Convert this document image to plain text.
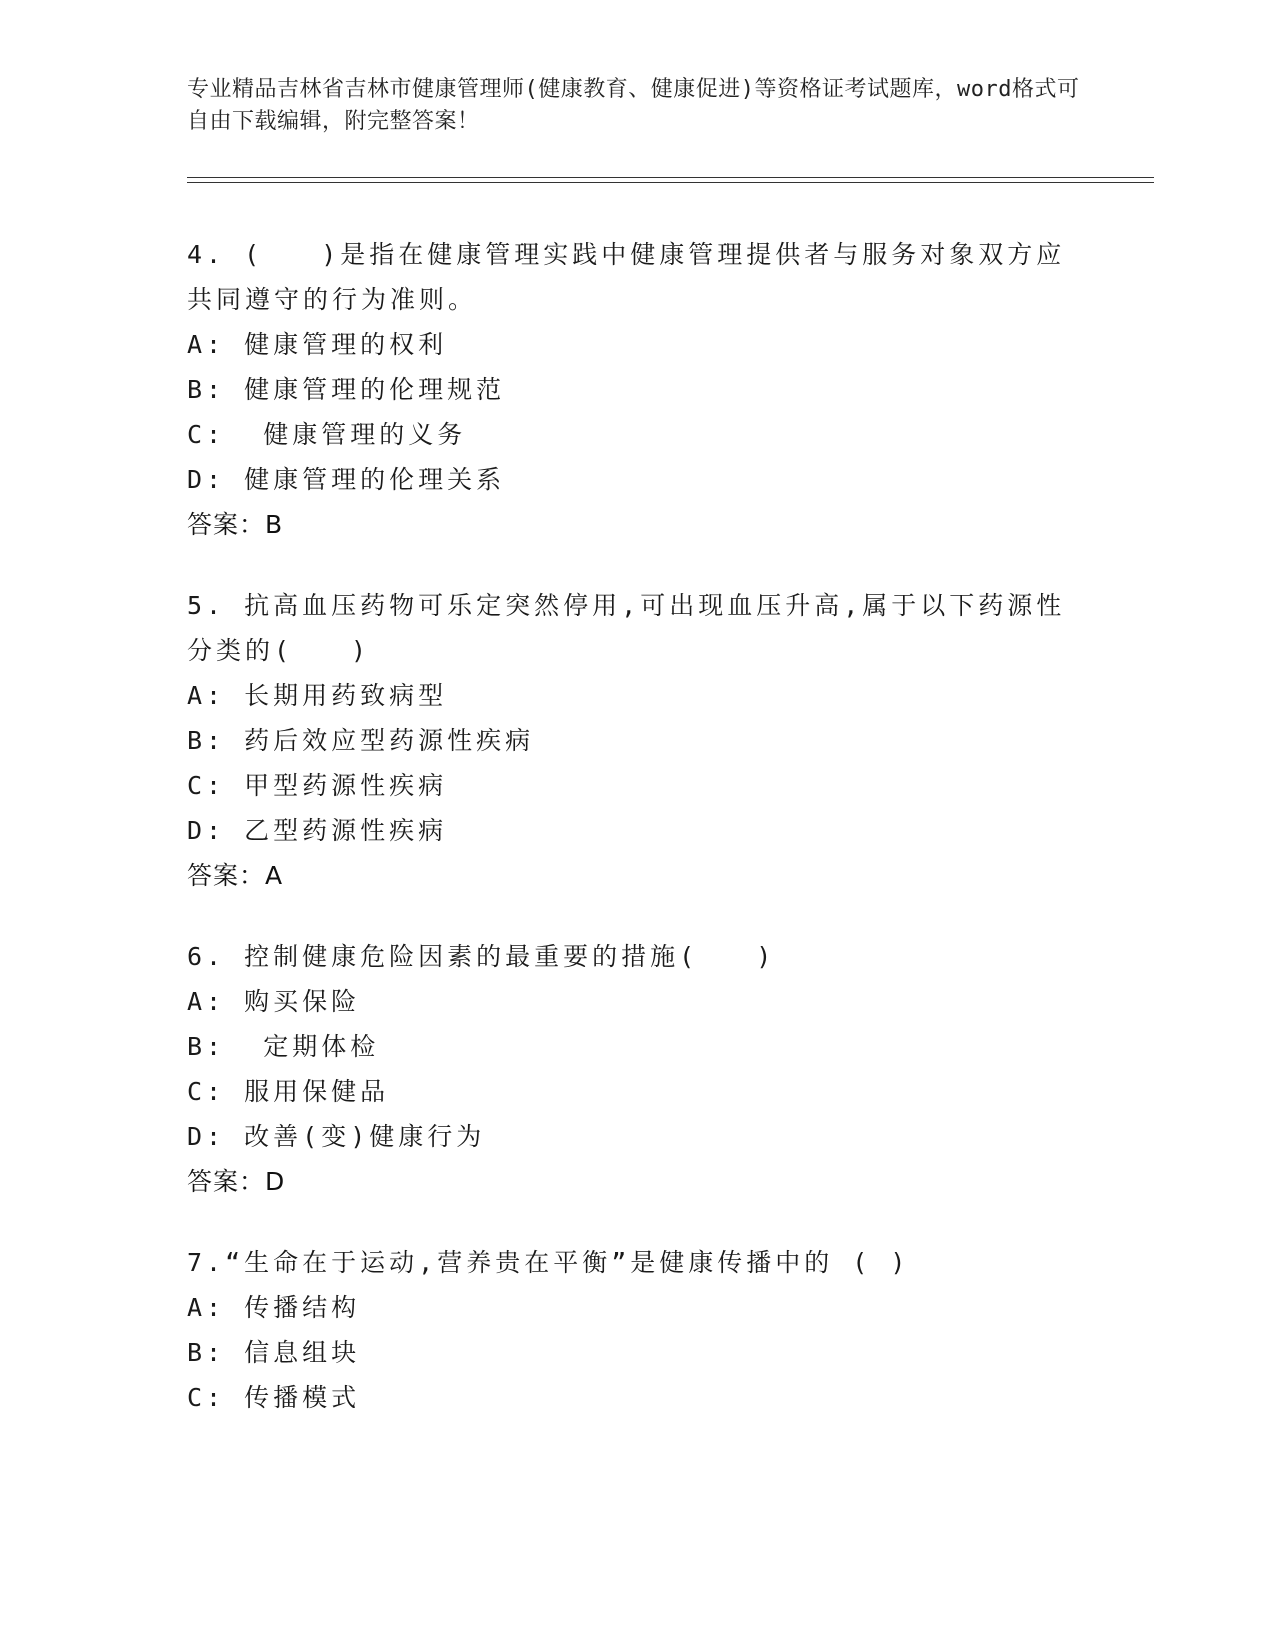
专业精品吉林省吉林市健康管理师(健康教育、健康促进)等资格证考试题库，word格式可自由下载编辑，附完整答案！
4. (　　)是指在健康管理实践中健康管理提供者与服务对象双方应共同遵守的行为准则。
A: 健康管理的权利
B: 健康管理的伦理规范
C:  健康管理的义务
D: 健康管理的伦理关系
答案：B
5. 抗高血压药物可乐定突然停用,可出现血压升高,属于以下药源性分类的(　　)
A: 长期用药致病型
B: 药后效应型药源性疾病
C: 甲型药源性疾病
D: 乙型药源性疾病
答案：A
6. 控制健康危险因素的最重要的措施(　　)
A: 购买保险
B:  定期体检
C: 服用保健品
D: 改善(变)健康行为
答案：D
7.“生命在于运动,营养贵在平衡”是健康传播中的 ( )
A: 传播结构
B: 信息组块
C: 传播模式
